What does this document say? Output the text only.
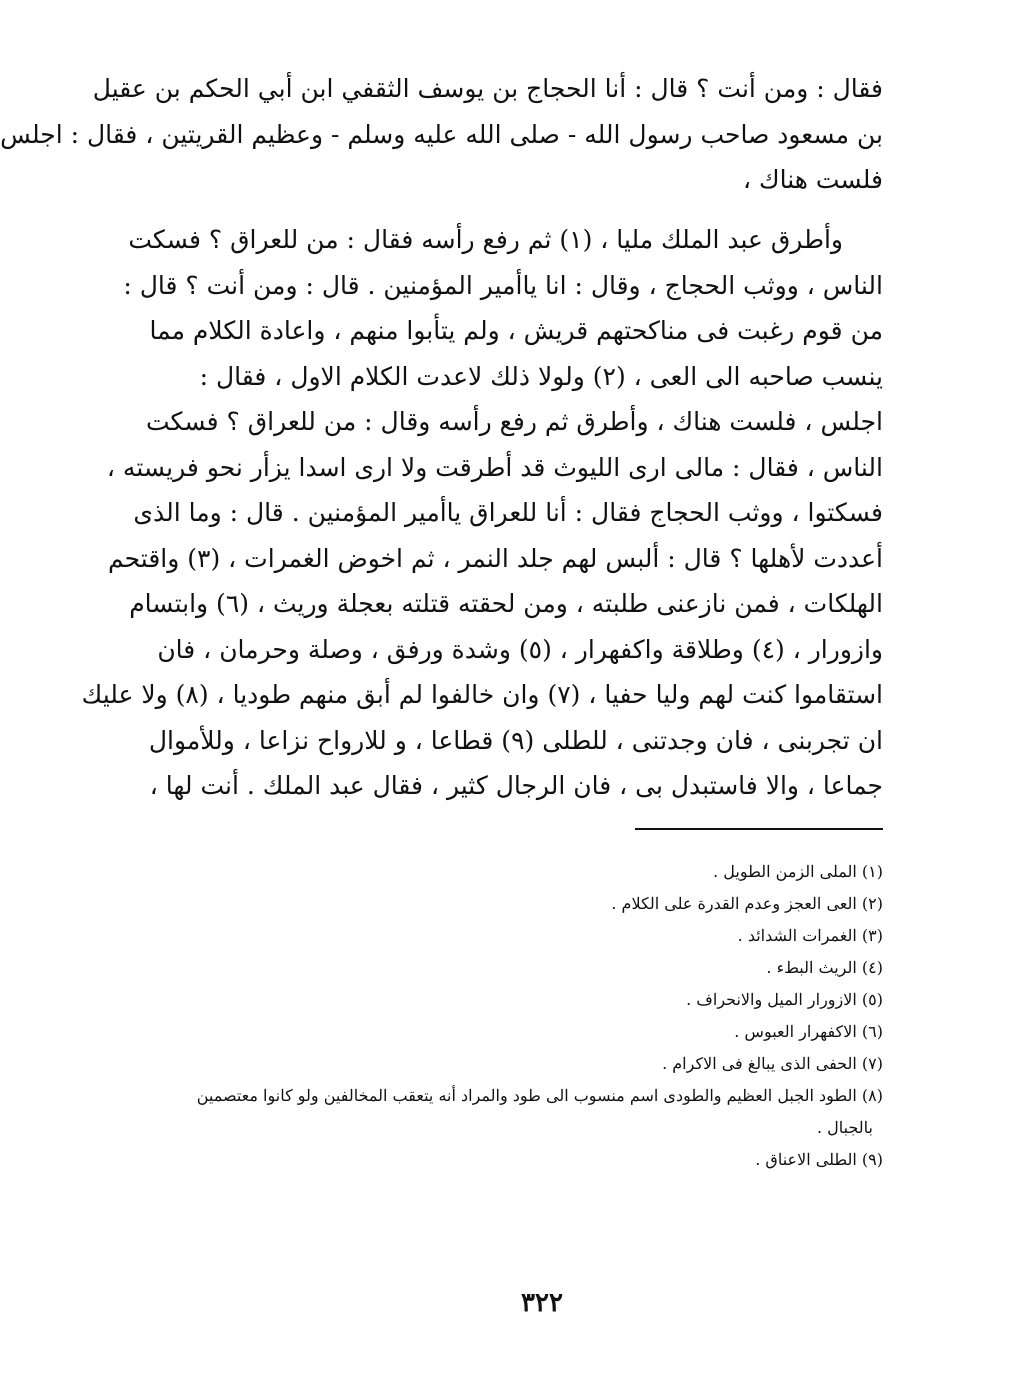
فقال : ومن أنت ؟ قال : أنا الحجاج بن يوسف الثقفي ابن أبي الحكم بن عقيل
بن مسعود صاحب رسول الله - صلى الله عليه وسلم - وعظيم القريتين ، فقال : اجلس
فلست هناك ،
وأطرق عبد الملك مليا ، (١) ثم رفع رأسه فقال : من للعراق ؟ فسكت
الناس ، ووثب الحجاج ، وقال : انا ياأمير المؤمنين . قال : ومن أنت ؟ قال :
من قوم رغبت فى مناكحتهم قريش ، ولم يتأبوا منهم ، واعادة الكلام مما
ينسب صاحبه الى العى ، (٢) ولولا ذلك لاعدت الكلام الاول ، فقال :
اجلس ، فلست هناك ، وأطرق ثم رفع رأسه وقال : من للعراق ؟ فسكت
الناس ، فقال : مالى ارى الليوث قد أطرقت ولا ارى اسدا يزأر نحو فريسته ،
فسكتوا ، ووثب الحجاج فقال : أنا للعراق ياأمير المؤمنين . قال : وما الذى
أعددت لأهلها ؟ قال : ألبس لهم جلد النمر ، ثم اخوض الغمرات ، (٣) واقتحم
الهلكات ، فمن نازعنى طلبته ، ومن لحقته قتلته بعجلة وريث ، (٦) وابتسام
وازورار ، (٤) وطلاقة واكفهرار ، (٥) وشدة ورفق ، وصلة وحرمان ، فان
استقاموا كنت لهم وليا حفيا ، (٧) وان خالفوا لم أبق منهم طوديا ، (٨) ولا عليك
ان تجربنى ، فان وجدتنى ، للطلى (٩) قطاعا ، و للارواح نزاعا ، وللأموال
جماعا ، والا فاستبدل بى ، فان الرجال كثير ، فقال عبد الملك . أنت لها ،
(١) الملى الزمن الطويل .
(٢) العى العجز وعدم القدرة على الكلام .
(٣) الغمرات الشدائد .
(٤) الريث البطء .
(٥) الازورار الميل والانحراف .
(٦) الاكفهرار العبوس .
(٧) الحفى الذى يبالغ فى الاكرام .
(٨) الطود الجبل العظيم والطودى اسم منسوب الى طود والمراد أنه يتعقب المخالفين ولو كانوا معتصمين
بالجبال .
(٩) الطلى الاعناق .
٣٢٢
